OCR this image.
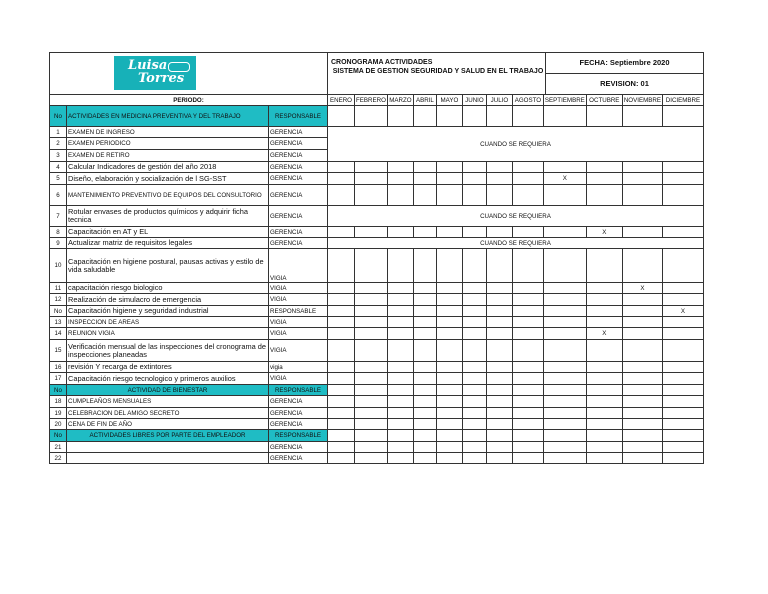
Luisa
Torres
CRONOGRAMA ACTIVIDADES
SISTEMA DE GESTION SEGURIDAD Y SALUD EN EL TRABAJO
FECHA: Septiembre 2020
REVISION: 01
PERIODO:			ENERO	FEBRERO	MARZO	ABRIL	MAYO	JUNIO	JULIO	AGOSTO	SEPTIEMBRE	OCTUBRE	NOVIEMBRE	DICIEMBRE
No	ACTIVIDADES EN MEDICINA PREVENTIVA Y DEL TRABAJO	RESPONSABLE												
1	EXAMEN DE INGRESO	GERENCIA	CUANDO SE REQUIERA											
2	EXAMEN PERIODICO	GERENCIA												
3	EXAMEN DE RETIRO	GERENCIA												
4	Calcular Indicadores de gestión del año 2018	GERENCIA												
5	Diseño, elaboración y socialización de l SG-SST	GERENCIA									X			
6	MANTENIMIENTO PREVENTIVO DE EQUIPOS DEL CONSULTORIO	GERENCIA												
7	Rotular envases de productos químicos y adquirir ficha tecnica	GERENCIA	CUANDO SE REQUIERA											
8	Capacitación en AT y EL	GERENCIA										X		
9	Actualizar matriz de requisitos legales	GERENCIA	CUANDO SE REQUIERA											
10	Capacitación en higiene postural, pausas activas y estilo de vida saludable	VIGIA												
11	capacitación riesgo biologico	VIGIA											X	
12	Realización de simulacro de emergencia	VIGIA												
No	Capacitación higiene y seguridad industrial	RESPONSABLE												X
13	INSPECCION DE AREAS	VIGIA												
14	REUNION VIGIA	VIGIA										X		
15	Verificación mensual de las inspecciones del cronograma de inspecciones planeadas	VIGIA												
16	revisión Y recarga de extintores	vigia												
17	Capacitación riesgo tecnologico y primeros auxilios	VIGIA												
No	ACTIVIDAD DE BIENESTAR	RESPONSABLE												
18	CUMPLEAÑOS MENSUALES	GERENCIA												
19	CELEBRACION DEL AMIGO SECRETO	GERENCIA												
20	CENA DE FIN DE AÑO	GERENCIA												
No	ACTIVIDADES LIBRES POR PARTE DEL EMPLEADOR	RESPONSABLE												
21		GERENCIA												
22		GERENCIA												
